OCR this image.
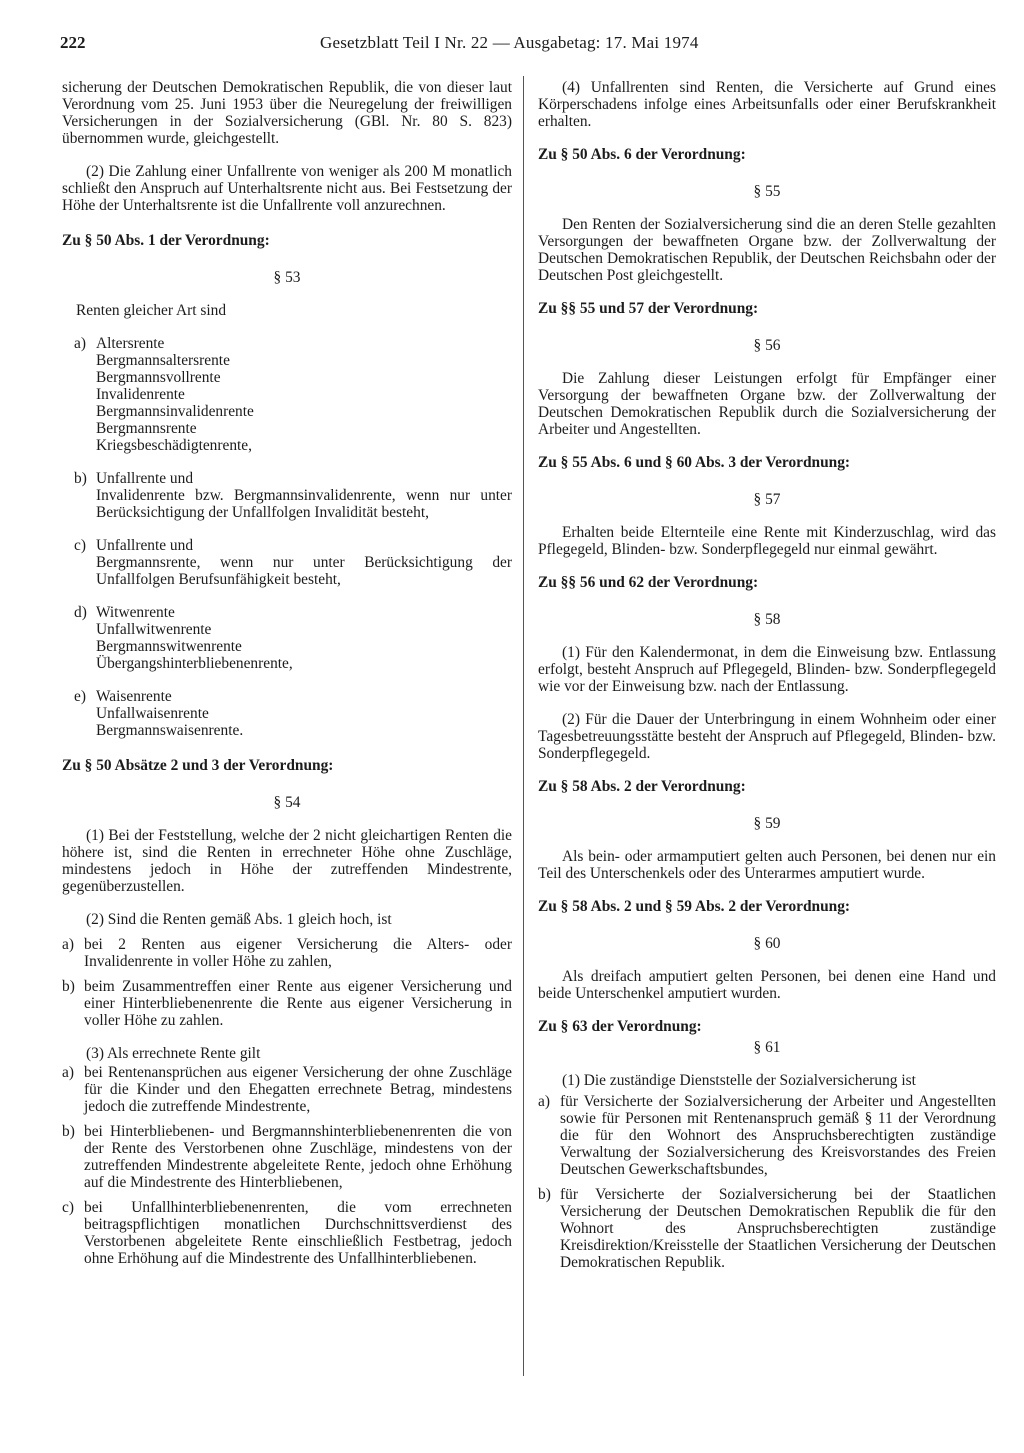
222	Gesetzblatt Teil I Nr. 22 — Ausgabetag: 17. Mai 1974

sicherung der Deutschen Demokratischen Republik, die von dieser laut Verordnung vom 25. Juni 1953 über die Neuregelung der freiwilligen Versicherungen in der Sozialversicherung (GBl. Nr. 80 S. 823) übernommen wurde, gleichgestellt.

(2) Die Zahlung einer Unfallrente von weniger als 200 M monatlich schließt den Anspruch auf Unterhaltsrente nicht aus. Bei Festsetzung der Höhe der Unterhaltsrente ist die Unfallrente voll anzurechnen.

Zu § 50 Abs. 1 der Verordnung:
§ 53
Renten gleicher Art sind
a) Altersrente
Bergmannsaltersrente
Bergmannsvollrente
Invalidenrente
Bergmannsinvalidenrente
Bergmannsrente
Kriegsbeschädigtenrente,
b) Unfallrente und
Invalidenrente bzw. Bergmannsinvalidenrente, wenn nur unter Berücksichtigung der Unfallfolgen Invalidität besteht,
c) Unfallrente und
Bergmannsrente, wenn nur unter Berücksichtigung der Unfallfolgen Berufsunfähigkeit besteht,
d) Witwenrente
Unfallwitwenrente
Bergmannswitwenrente
Übergangshinterbliebenenrente,
e) Waisenrente
Unfallwaisenrente
Bergmannswaisenrente.
Zu § 50 Absätze 2 und 3 der Verordnung:
§ 54

(1) Bei der Feststellung, welche der 2 nicht gleichartigen Renten die höhere ist, sind die Renten in errechneter Höhe ohne Zuschläge, mindestens jedoch in Höhe der zutreffenden Mindestrente, gegenüberzustellen.

(2) Sind die Renten gemäß Abs. 1 gleich hoch, ist

a) bei 2 Renten aus eigener Versicherung die Alters- oder Invalidenrente in voller Höhe zu zahlen,
b) beim Zusammentreffen einer Rente aus eigener Versicherung und einer Hinterbliebenenrente die Rente aus eigener Versicherung in voller Höhe zu zahlen.

(3) Als errechnete Rente gilt

a) bei Rentenansprüchen aus eigener Versicherung der ohne Zuschläge für die Kinder und den Ehegatten errechnete Betrag, mindestens jedoch die zutreffende Mindestrente,
b) bei Hinterbliebenen- und Bergmannshinterbliebenenrenten die von der Rente des Verstorbenen ohne Zuschläge, mindestens von der zutreffenden Mindestrente abgeleitete Rente, jedoch ohne Erhöhung auf die Mindestrente des Hinterbliebenen,
c) bei Unfallhinterbliebenenrenten, die vom errechneten beitragspflichtigen monatlichen Durchschnittsverdienst des Verstorbenen abgeleitete Rente einschließlich Festbetrag, jedoch ohne Erhöhung auf die Mindestrente des Unfallhinterbliebenen.

(4) Unfallrenten sind Renten, die Versicherte auf Grund eines Körperschadens infolge eines Arbeitsunfalls oder einer Berufskrankheit erhalten.

Zu § 50 Abs. 6 der Verordnung:
§ 55

Den Renten der Sozialversicherung sind die an deren Stelle gezahlten Versorgungen der bewaffneten Organe bzw. der Zollverwaltung der Deutschen Demokratischen Republik, der Deutschen Reichsbahn oder der Deutschen Post gleichgestellt.

Zu §§ 55 und 57 der Verordnung:
§ 56

Die Zahlung dieser Leistungen erfolgt für Empfänger einer Versorgung der bewaffneten Organe bzw. der Zollverwaltung der Deutschen Demokratischen Republik durch die Sozialversicherung der Arbeiter und Angestellten.

Zu § 55 Abs. 6 und § 60 Abs. 3 der Verordnung:
§ 57

Erhalten beide Elternteile eine Rente mit Kinderzuschlag, wird das Pflegegeld, Blinden- bzw. Sonderpflegegeld nur einmal gewährt.

Zu §§ 56 und 62 der Verordnung:
§ 58

(1) Für den Kalendermonat, in dem die Einweisung bzw. Entlassung erfolgt, besteht Anspruch auf Pflegegeld, Blinden- bzw. Sonderpflegegeld wie vor der Einweisung bzw. nach der Entlassung.

(2) Für die Dauer der Unterbringung in einem Wohnheim oder einer Tagesbetreuungsstätte besteht der Anspruch auf Pflegegeld, Blinden- bzw. Sonderpflegegeld.

Zu § 58 Abs. 2 der Verordnung:
§ 59

Als bein- oder armamputiert gelten auch Personen, bei denen nur ein Teil des Unterschenkels oder des Unterarmes amputiert wurde.

Zu § 58 Abs. 2 und § 59 Abs. 2 der Verordnung:
§ 60

Als dreifach amputiert gelten Personen, bei denen eine Hand und beide Unterschenkel amputiert wurden.

Zu § 63 der Verordnung:
§ 61

(1) Die zuständige Dienststelle der Sozialversicherung ist

a) für Versicherte der Sozialversicherung der Arbeiter und Angestellten sowie für Personen mit Rentenanspruch gemäß § 11 der Verordnung die für den Wohnort des Anspruchsberechtigten zuständige Verwaltung der Sozialversicherung des Kreisvorstandes des Freien Deutschen Gewerkschaftsbundes,
b) für Versicherte der Sozialversicherung bei der Staatlichen Versicherung der Deutschen Demokratischen Republik die für den Wohnort des Anspruchsberechtigten zuständige Kreisdirektion/Kreisstelle der Staatlichen Versicherung der Deutschen Demokratischen Republik.
